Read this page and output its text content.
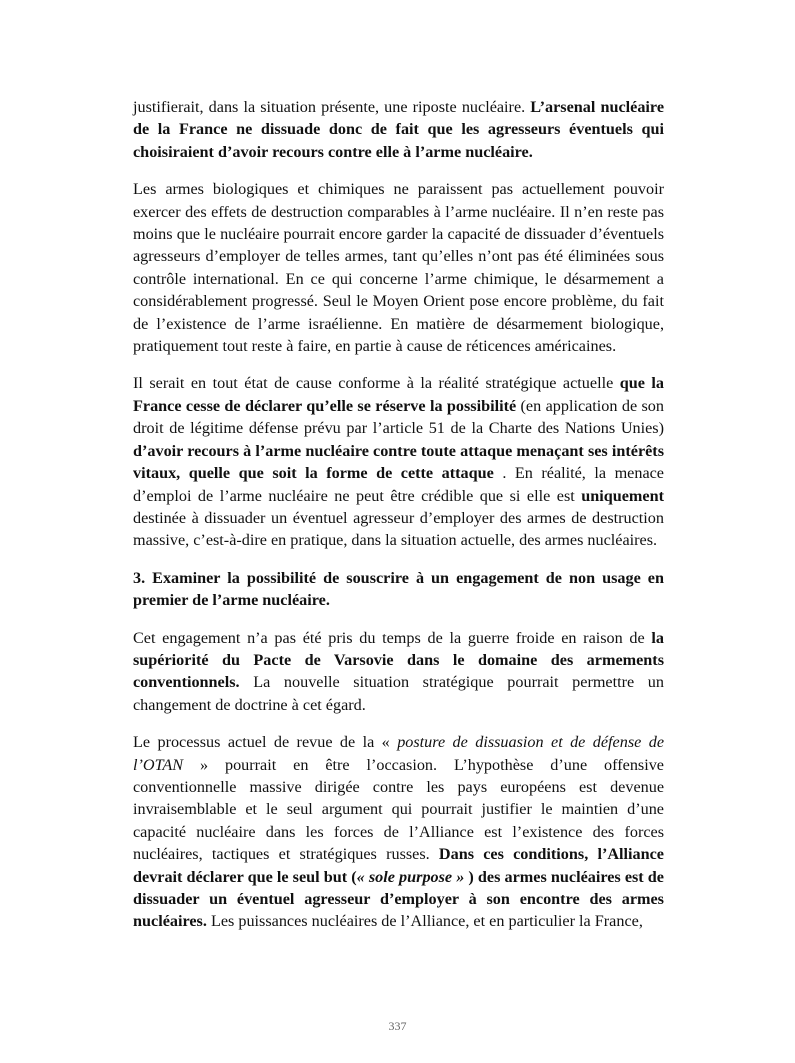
justifierait, dans la situation présente, une riposte nucléaire. L’arsenal nucléaire de la France ne dissuade donc de fait que les agresseurs éventuels qui choisiraient d’avoir recours contre elle à l’arme nucléaire.

Les armes biologiques et chimiques ne paraissent pas actuellement pouvoir exercer des effets de destruction comparables à l’arme nucléaire. Il n’en reste pas moins que le nucléaire pourrait encore garder la capacité de dissuader d’éventuels agresseurs d’employer de telles armes, tant qu’elles n’ont pas été éliminées sous contrôle international. En ce qui concerne l’arme chimique, le désarmement a considérablement progressé. Seul le Moyen Orient pose encore problème, du fait de l’existence de l’arme israélienne. En matière de désarmement biologique, pratiquement tout reste à faire, en partie à cause de réticences américaines.

Il serait en tout état de cause conforme à la réalité stratégique actuelle que la France cesse de déclarer qu’elle se réserve la possibilité (en application de son droit de légitime défense prévu par l’article 51 de la Charte des Nations Unies) d’avoir recours à l’arme nucléaire contre toute attaque menaçant ses intérêts vitaux, quelle que soit la forme de cette attaque . En réalité, la menace d’emploi de l’arme nucléaire ne peut être crédible que si elle est uniquement destinée à dissuader un éventuel agresseur d’employer des armes de destruction massive, c’est-à-dire en pratique, dans la situation actuelle, des armes nucléaires.

3. Examiner la possibilité de souscrire à un engagement de non usage en premier de l’arme nucléaire.

Cet engagement n’a pas été pris du temps de la guerre froide en raison de la supériorité du Pacte de Varsovie dans le domaine des armements conventionnels. La nouvelle situation stratégique pourrait permettre un changement de doctrine à cet égard.

Le processus actuel de revue de la « posture de dissuasion et de défense de l’OTAN » pourrait en être l’occasion. L’hypothèse d’une offensive conventionnelle massive dirigée contre les pays européens est devenue invraisemblable et le seul argument qui pourrait justifier le maintien d’une capacité nucléaire dans les forces de l’Alliance est l’existence des forces nucléaires, tactiques et stratégiques russes. Dans ces conditions, l’Alliance devrait déclarer que le seul but (« sole purpose » ) des armes nucléaires est de dissuader un éventuel agresseur d’employer à son encontre des armes nucléaires. Les puissances nucléaires de l’Alliance, et en particulier la France,

337
